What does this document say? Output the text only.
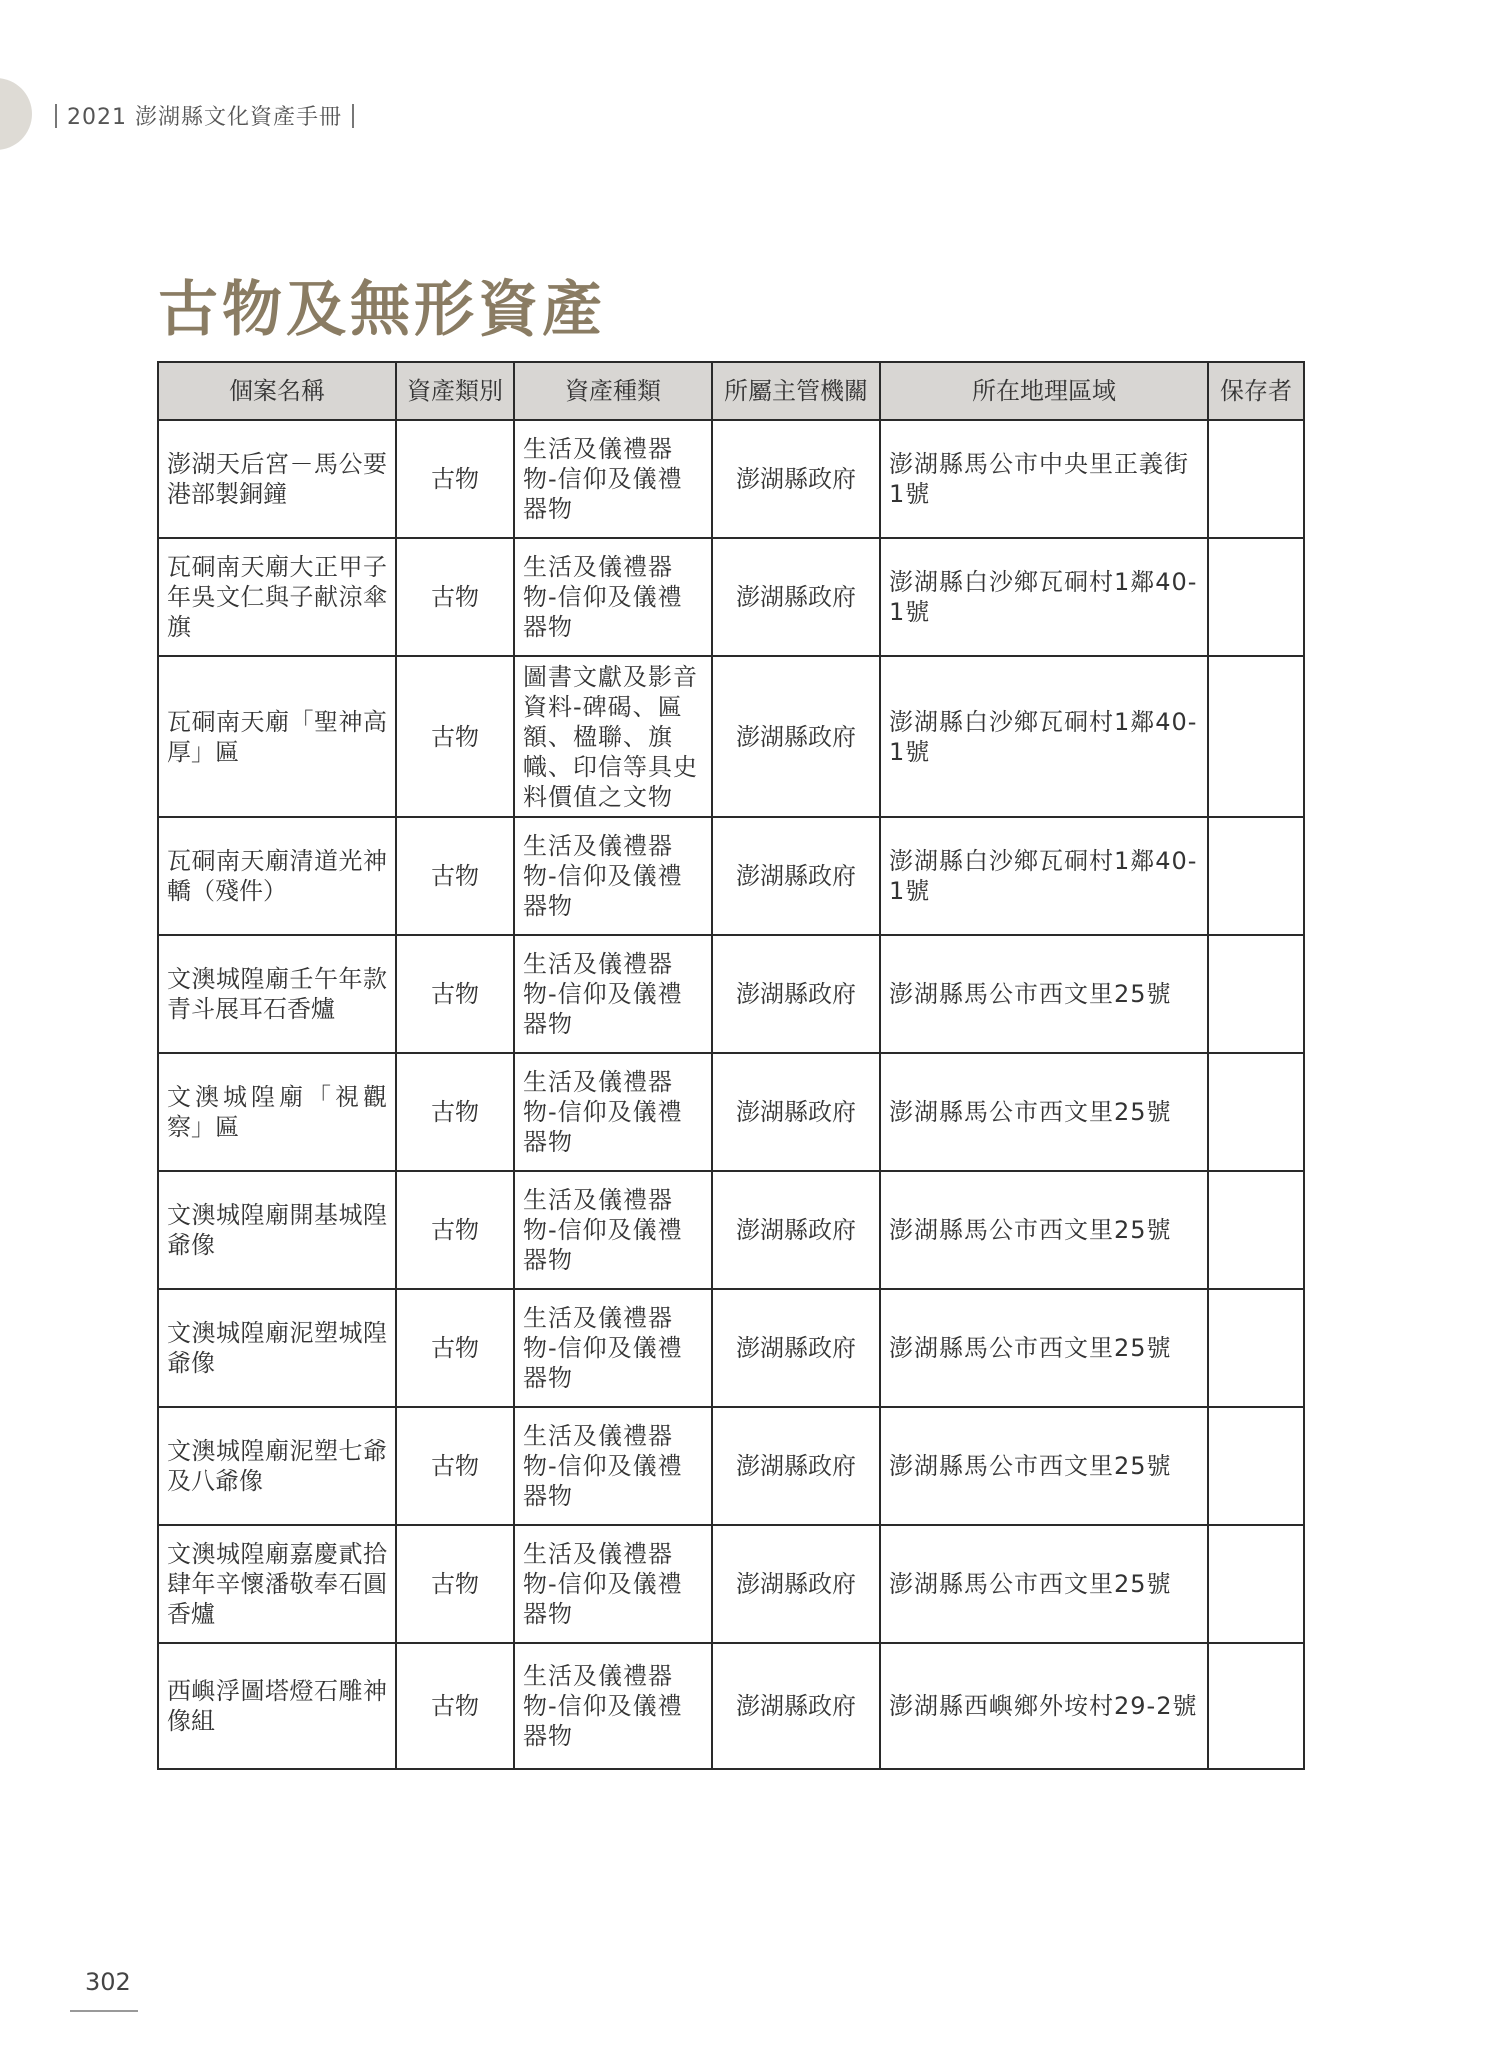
2021 澎湖縣文化資產手冊
古物及無形資產
個案名稱	資產類別	資產種類	所屬主管機關	所在地理區域	保存者
澎湖天后宮－馬公要港部製銅鐘	古物	生活及儀禮器物-信仰及儀禮器物	澎湖縣政府	澎湖縣馬公市中央里正義街1號	
瓦硐南天廟大正甲子年吳文仁與子献涼傘旗	古物	生活及儀禮器物-信仰及儀禮器物	澎湖縣政府	澎湖縣白沙鄉瓦硐村1鄰40-1號	
瓦硐南天廟「聖神高厚」匾	古物	圖書文獻及影音資料-碑碣、匾額、楹聯、旗幟、印信等具史料價值之文物	澎湖縣政府	澎湖縣白沙鄉瓦硐村1鄰40-1號	
瓦硐南天廟清道光神轎（殘件）	古物	生活及儀禮器物-信仰及儀禮器物	澎湖縣政府	澎湖縣白沙鄉瓦硐村1鄰40-1號	
文澳城隍廟壬午年款青斗展耳石香爐	古物	生活及儀禮器物-信仰及儀禮器物	澎湖縣政府	澎湖縣馬公市西文里25號	
文澳城隍廟「視觀察」匾	古物	生活及儀禮器物-信仰及儀禮器物	澎湖縣政府	澎湖縣馬公市西文里25號	
文澳城隍廟開基城隍爺像	古物	生活及儀禮器物-信仰及儀禮器物	澎湖縣政府	澎湖縣馬公市西文里25號	
文澳城隍廟泥塑城隍爺像	古物	生活及儀禮器物-信仰及儀禮器物	澎湖縣政府	澎湖縣馬公市西文里25號	
文澳城隍廟泥塑七爺及八爺像	古物	生活及儀禮器物-信仰及儀禮器物	澎湖縣政府	澎湖縣馬公市西文里25號	
文澳城隍廟嘉慶貳拾肆年辛懷潘敬奉石圓香爐	古物	生活及儀禮器物-信仰及儀禮器物	澎湖縣政府	澎湖縣馬公市西文里25號	
西嶼浮圖塔燈石雕神像組	古物	生活及儀禮器物-信仰及儀禮器物	澎湖縣政府	澎湖縣西嶼鄉外垵村29-2號	
302
